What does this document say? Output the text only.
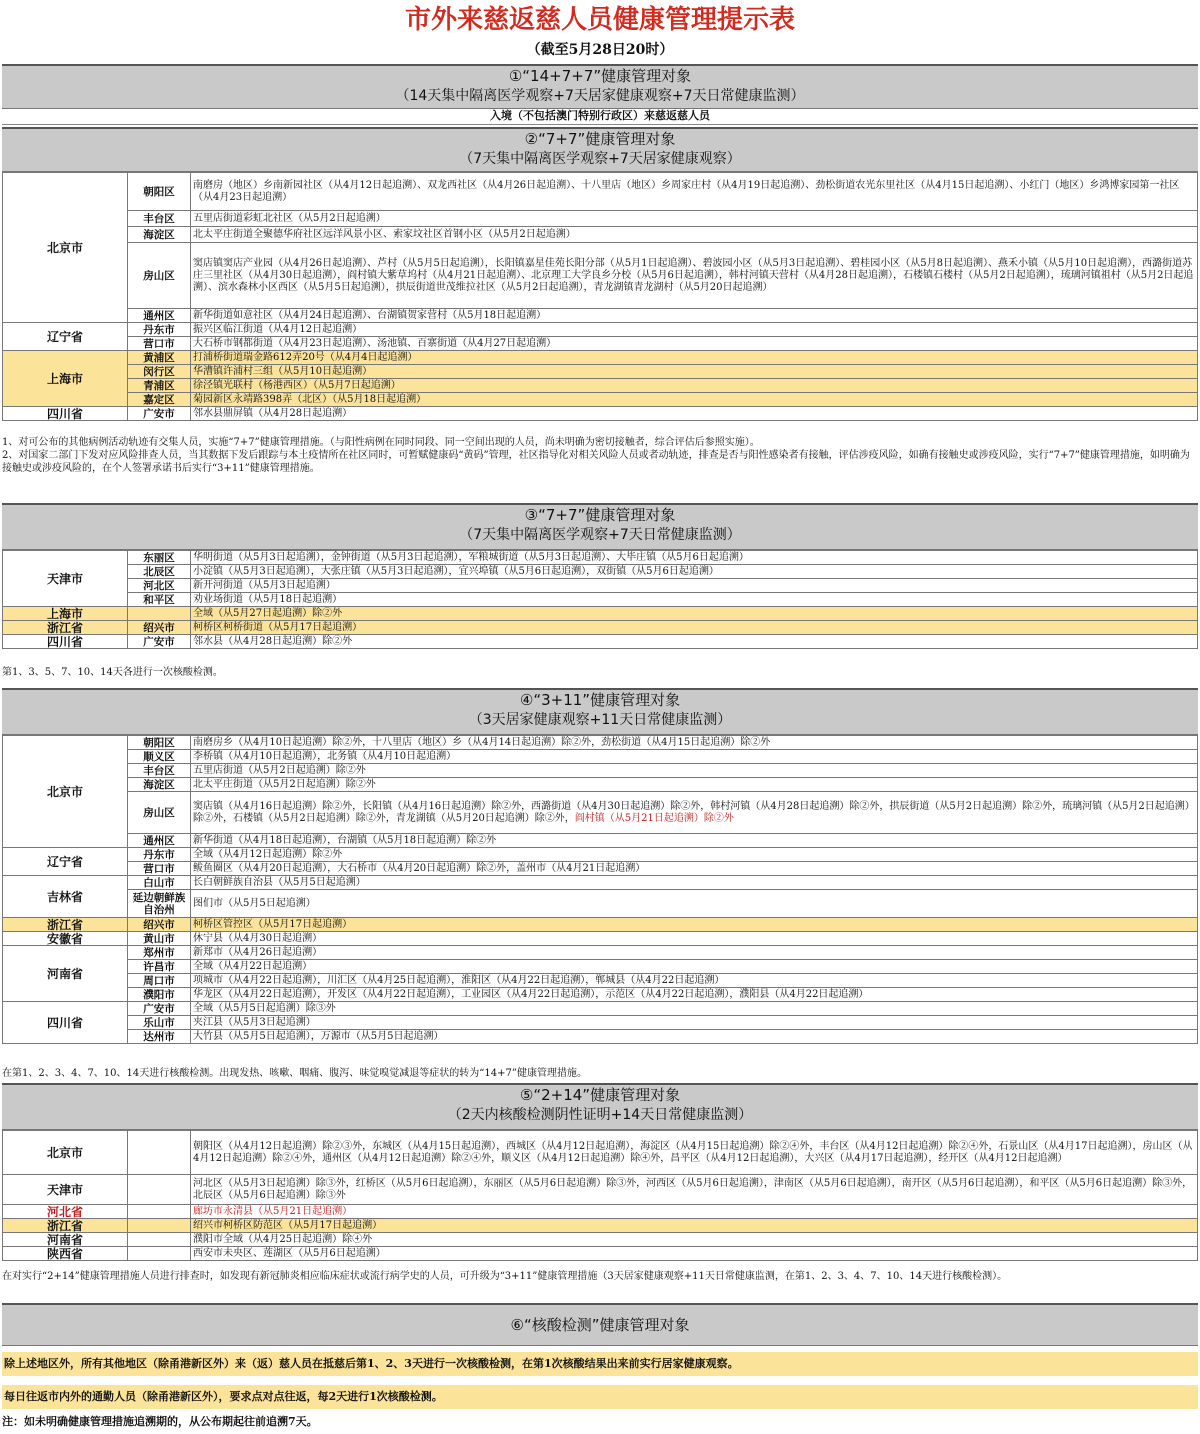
市外来慈返慈人员健康管理提示表
（截至5月28日20时）
①“14+7+7”健康管理对象
（14天集中隔离医学观察+7天居家健康观察+7天日常健康监测）
入境（不包括澳门特别行政区）来慈返慈人员
②“7+7”健康管理对象
（7天集中隔离医学观察+7天居家健康观察）
北京市	朝阳区	南磨房（地区）乡南新园社区（从4月12日起追溯）、双龙西社区（从4月26日起追溯）、十八里店（地区）乡周家庄村（从4月19日起追溯）、劲松街道农光东里社区（从4月15日起追溯）、小红门（地区）乡鸿博家园第一社区（从4月23日起追溯）
	丰台区	五里店街道彩虹北社区（从5月2日起追溯）
	海淀区	北太平庄街道全聚德华府社区远洋风景小区、索家坟社区首钢小区（从5月2日起追溯）
	房山区	窦店镇窦店产业园（从4月26日起追溯）、芦村（从5月5日起追溯），长阳镇嘉星佳苑长阳分部（从5月1日起追溯）、碧波园小区（从5月3日起追溯）、碧桂园小区（从5月8日起追溯）、燕禾小镇（从5月10日起追溯），西潞街道苏庄三里社区（从4月30日起追溯），阎村镇大紫草坞村（从4月21日起追溯）、北京理工大学良乡分校（从5月6日起追溯），韩村河镇天营村（从4月28日起追溯），石楼镇石楼村（从5月2日起追溯），琉璃河镇祖村（从5月2日起追溯）、滨水森林小区西区（从5月5日起追溯），拱辰街道世茂维拉社区（从5月2日起追溯），青龙湖镇青龙湖村（从5月20日起追溯）
	通州区	新华街道如意社区（从4月24日起追溯）、台湖镇贺家营村（从5月18日起追溯）
辽宁省	丹东市	振兴区临江街道（从4月12日起追溯）
	营口市	大石桥市钢都街道（从4月23日起追溯）、汤池镇、百寨街道（从4月27日起追溯）
上海市	黄浦区	打浦桥街道瑞金路612弄20号（从4月4日起追溯）
	闵行区	华漕镇许浦村三组（从5月10日起追溯）
	青浦区	徐泾镇光联村（杨港西区）（从5月7日起追溯）
	嘉定区	菊园新区永靖路398弄（北区）（从5月18日起追溯）
四川省	广安市	邻水县鼎屏镇（从4月28日起追溯）
1、对可公布的其他病例活动轨迹有交集人员，实施“7+7”健康管理措施。（与阳性病例在同时同段、同一空间出现的人员，尚未明确为密切接触者，综合评估后参照实施）。
2、对国家二部门下发对应风险排查人员，当其数据下发后跟踪与本土疫情所在社区同时，可暂赋健康码“黄码”管理，社区指导化对相关风险人员或者动轨迹，排查是否与阳性感染者有接触，评估涉疫风险，如确有接触史或涉疫风险，实行“7+7”健康管理措施，如明确为接触史或涉疫风险的，在个人签署承诺书后实行“3+11”健康管理措施。
③“7+7”健康管理对象
（7天集中隔离医学观察+7天日常健康监测）
天津市	东丽区	华明街道（从5月3日起追溯），金钟街道（从5月3日起追溯），军粮城街道（从5月3日起追溯）、大毕庄镇（从5月6日起追溯）
	北辰区	小淀镇（从5月3日起追溯），大张庄镇（从5月3日起追溯），宜兴埠镇（从5月6日起追溯），双街镇（从5月6日起追溯）
	河北区	新开河街道（从5月3日起追溯）
	和平区	劝业场街道（从5月18日起追溯）
上海市		全域（从5月27日起追溯）除②外
浙江省	绍兴市	柯桥区柯桥街道（从5月17日起追溯）
四川省	广安市	邻水县（从4月28日起追溯）除②外
第1、3、5、7、10、14天各进行一次核酸检测。
④“3+11”健康管理对象
（3天居家健康观察+11天日常健康监测）
北京市	朝阳区	南磨房乡（从4月10日起追溯）除②外，十八里店（地区）乡（从4月14日起追溯）除②外，劲松街道（从4月15日起追溯）除②外
	顺义区	李桥镇（从4月10日起追溯），北务镇（从4月10日起追溯）
	丰台区	五里店街道（从5月2日起追溯）除②外
	海淀区	北太平庄街道（从5月2日起追溯）除②外
	房山区	窦店镇（从4月16日起追溯）除②外，长阳镇（从4月16日起追溯）除②外，西潞街道（从4月30日起追溯）除②外，韩村河镇（从4月28日起追溯）除②外，拱辰街道（从5月2日起追溯）除②外，琉璃河镇（从5月2日起追溯）除②外，石楼镇（从5月2日起追溯）除②外，青龙湖镇（从5月20日起追溯）除②外，阎村镇（从5月21日起追溯）除②外
	通州区	新华街道（从4月18日起追溯），台湖镇（从5月18日起追溯）除②外
辽宁省	丹东市	全域（从4月12日起追溯）除②外
	营口市	鲅鱼圈区（从4月20日起追溯），大石桥市（从4月20日起追溯）除②外，盖州市（从4月21日起追溯）
吉林省	白山市	长白朝鲜族自治县（从5月5日起追溯）
	延边朝鲜族自治州	图们市（从5月5日起追溯）
浙江省	绍兴市	柯桥区管控区（从5月17日起追溯）
安徽省	黄山市	休宁县（从4月30日起追溯）
河南省	郑州市	新郑市（从4月26日起追溯）
	许昌市	全域（从4月22日起追溯）
	周口市	项城市（从4月22日起追溯），川汇区（从4月25日起追溯），淮阳区（从4月22日起追溯），郸城县（从4月22日起追溯）
	濮阳市	华龙区（从4月22日起追溯），开发区（从4月22日起追溯），工业园区（从4月22日起追溯），示范区（从4月22日起追溯），濮阳县（从4月22日起追溯）
四川省	广安市	全域（从5月5日起追溯）除③外
	乐山市	夹江县（从5月3日起追溯）
	达州市	大竹县（从5月5日起追溯），万源市（从5月5日起追溯）
在第1、2、3、4、7、10、14天进行核酸检测。出现发热、咳嗽、咽痛、腹泻、味觉嗅觉减退等症状的转为“14+7”健康管理措施。
⑤“2+14”健康管理对象
（2天内核酸检测阴性证明+14天日常健康监测）
北京市		朝阳区（从4月12日起追溯）除②③外，东城区（从4月15日起追溯），西城区（从4月12日起追溯），海淀区（从4月15日起追溯）除②④外，丰台区（从4月12日起追溯）除②④外，石景山区（从4月17日起追溯），房山区（从4月12日起追溯）除②④外，通州区（从4月12日起追溯）除②④外，顺义区（从4月12日起追溯）除④外，昌平区（从4月12日起追溯），大兴区（从4月17日起追溯），经开区（从4月12日起追溯）
天津市		河北区（从5月3日起追溯）除③外，红桥区（从5月6日起追溯），东丽区（从5月6日起追溯）除③外，河西区（从5月6日起追溯），津南区（从5月6日起追溯），南开区（从5月6日起追溯），和平区（从5月6日起追溯）除③外，北辰区（从5月6日起追溯）除③外
河北省		廊坊市永清县（从5月21日起追溯）
浙江省		绍兴市柯桥区防范区（从5月17日起追溯）
河南省		濮阳市全域（从4月25日起追溯）除④外
陕西省		西安市未央区、莲湖区（从5月6日起追溯）
在对实行“2+14”健康管理措施人员进行排查时，如发现有新冠肺炎相应临床症状或流行病学史的人员，可升级为“3+11”健康管理措施（3天居家健康观察+11天日常健康监测，在第1、2、3、4、7、10、14天进行核酸检测）。
⑥“核酸检测”健康管理对象
除上述地区外，所有其他地区（除甬港新区外）来（返）慈人员在抵慈后第1、2、3天进行一次核酸检测，在第1次核酸结果出来前实行居家健康观察。
每日往返市内外的通勤人员（除甬港新区外），要求点对点往返，每2天进行1次核酸检测。
注：如未明确健康管理措施追溯期的，从公布期起往前追溯7天。
